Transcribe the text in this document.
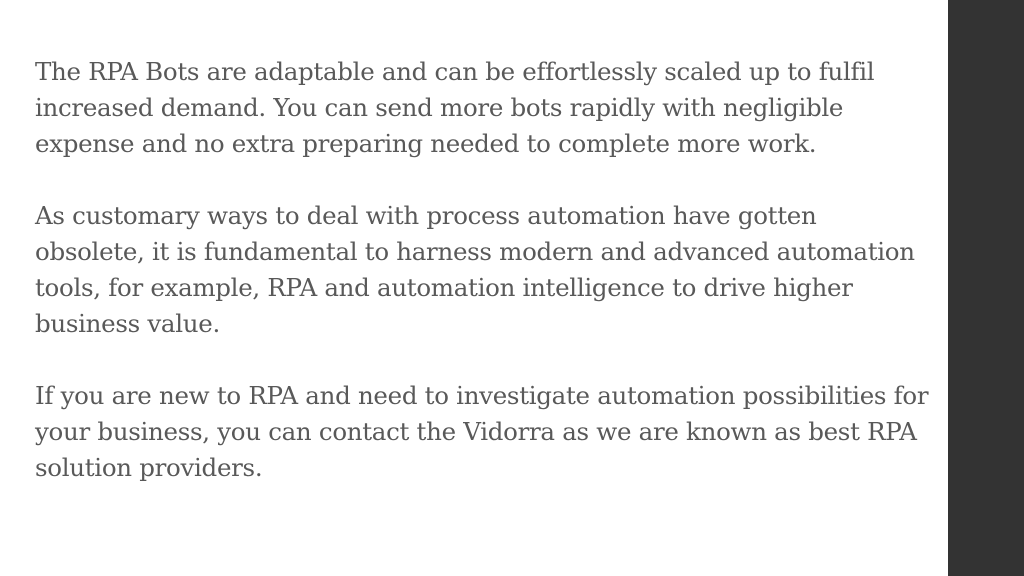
The RPA Bots are adaptable and can be effortlessly scaled up to fulfil increased demand. You can send more bots rapidly with negligible expense and no extra preparing needed to complete more work.

As customary ways to deal with process automation have gotten obsolete, it is fundamental to harness modern and advanced automation tools, for example, RPA and automation intelligence to drive higher business value.

If you are new to RPA and need to investigate automation possibilities for your business, you can contact the Vidorra as we are known as best RPA solution providers.
